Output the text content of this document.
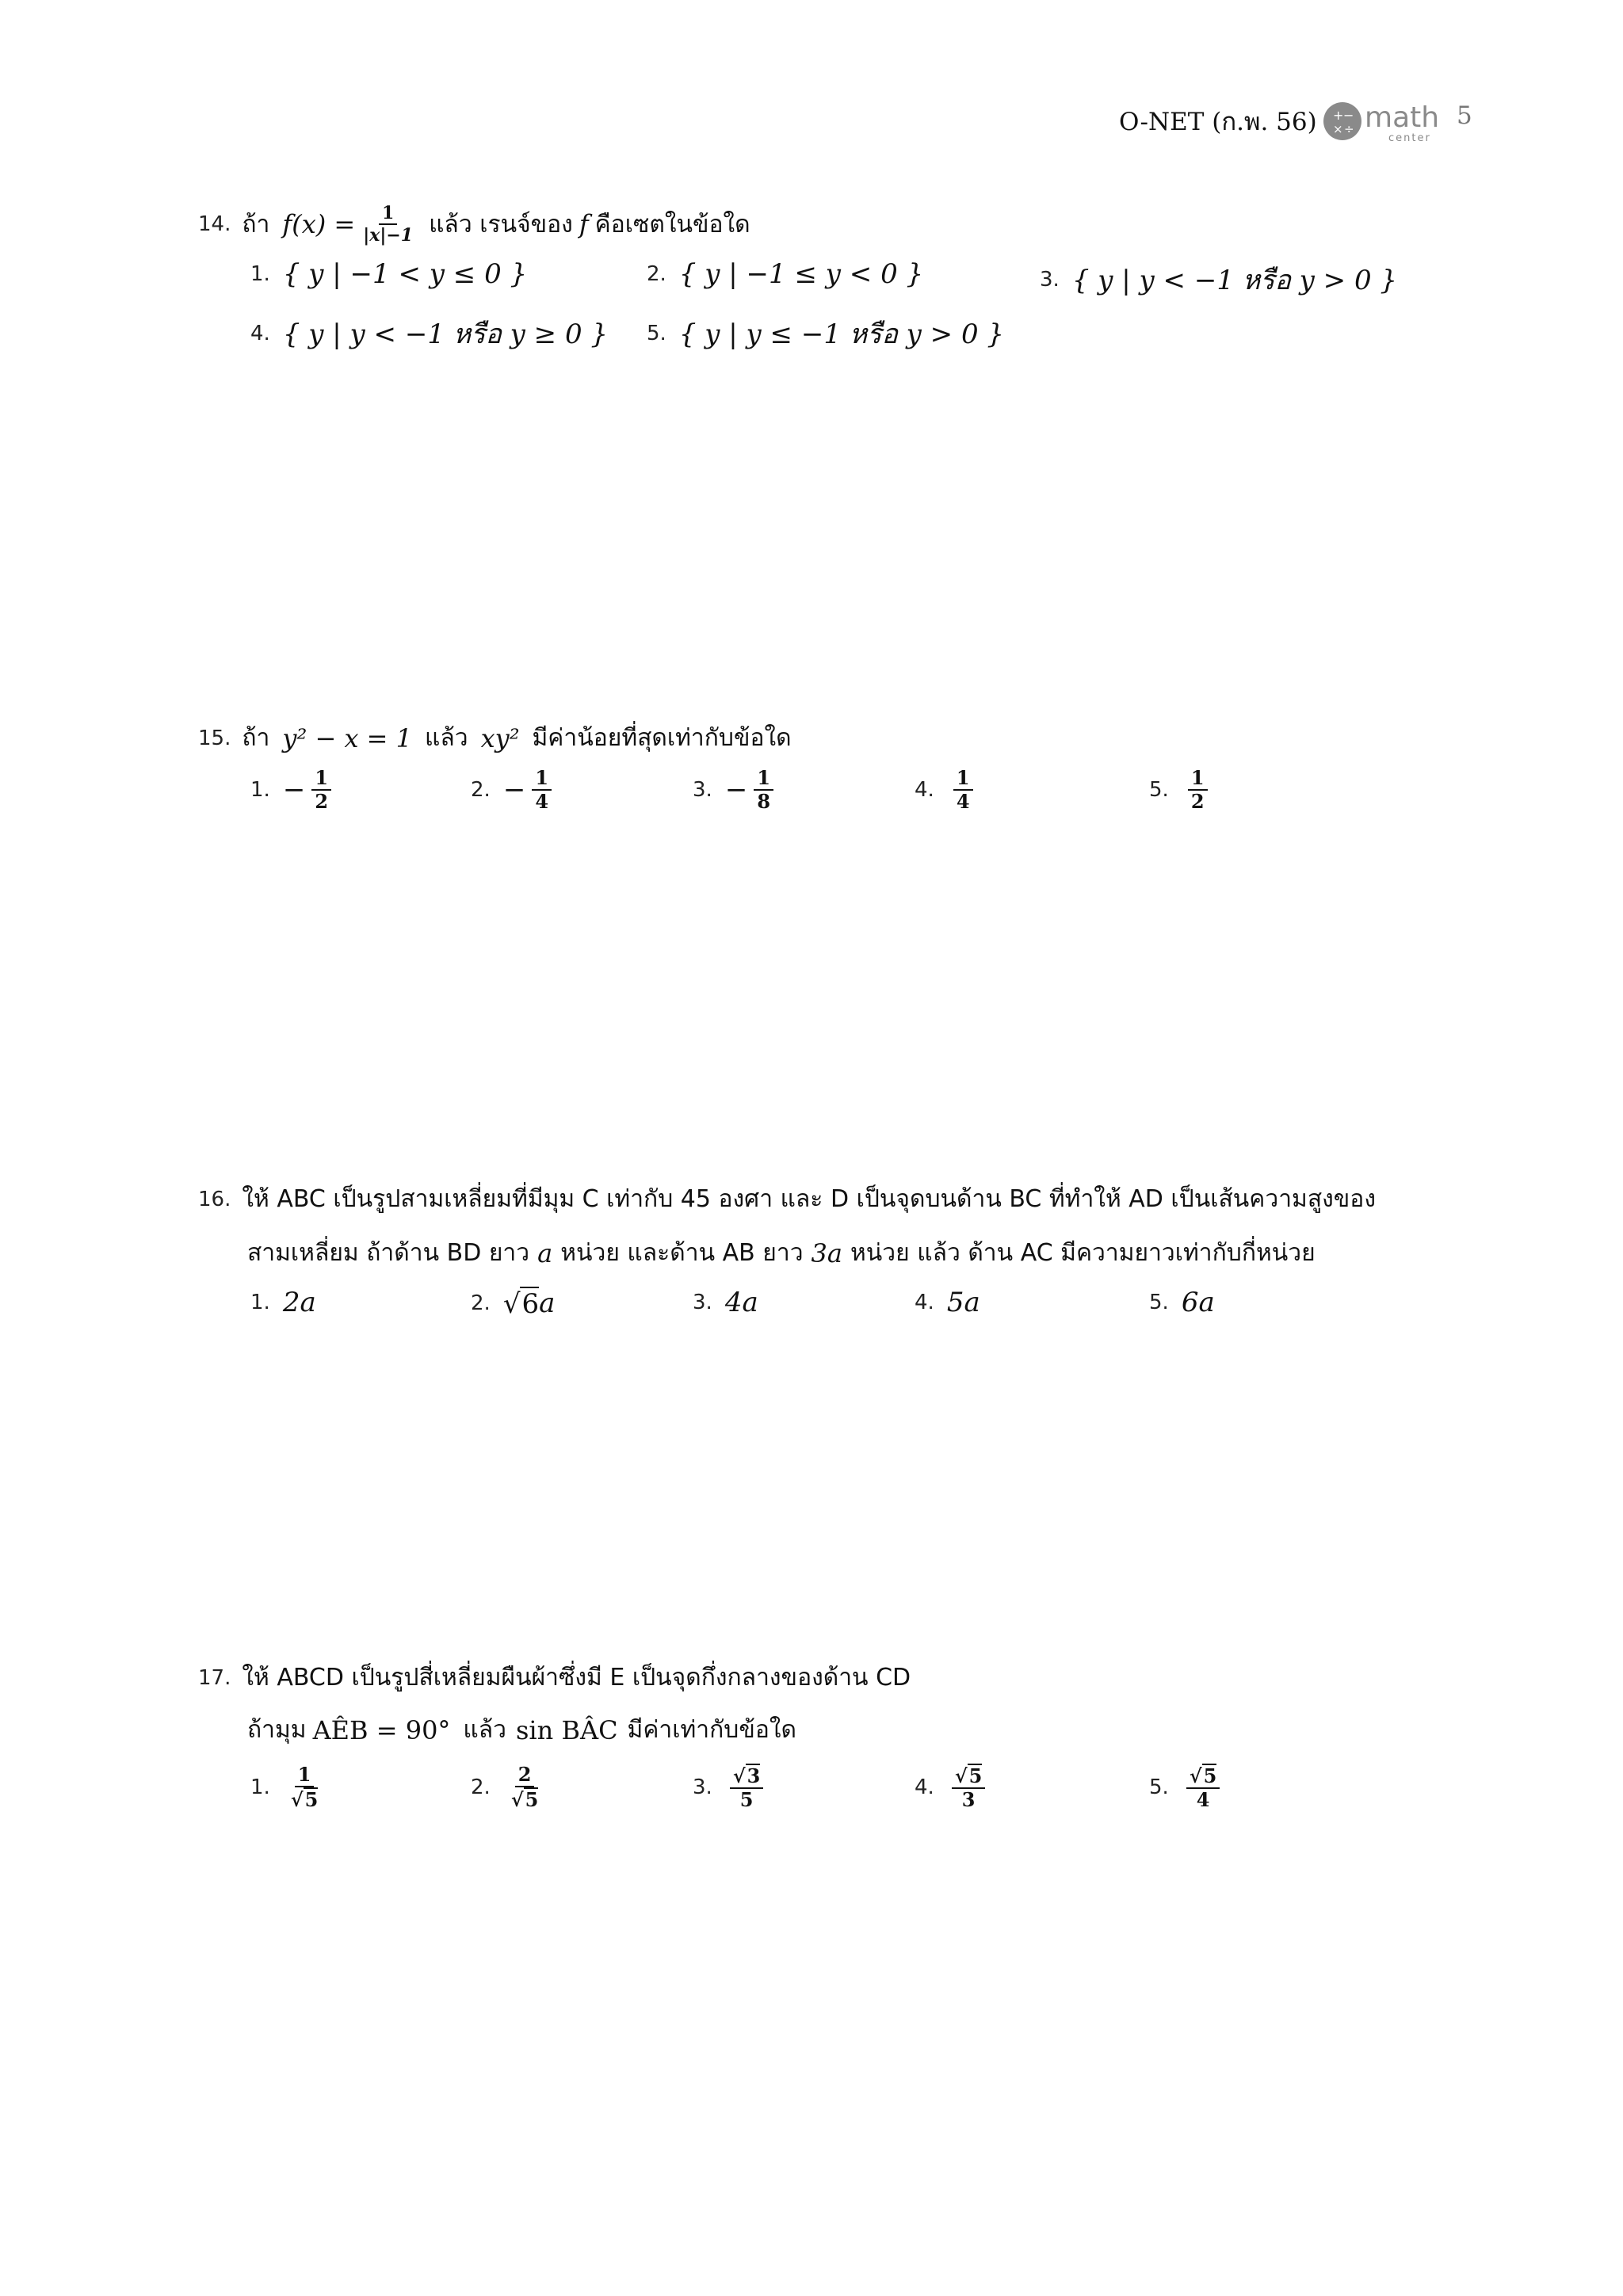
O-NET (ก.พ. 56) + −
× ÷ math
center
5
14. ถ้า $f(x) = \frac{1}{|x|-1}$ แล้ว เรนจ์ของ f คือเซตในข้อใด
1. { y | −1 < y ≤ 0 }	2. { y | −1 ≤ y < 0 }	3. { y | y < −1 หรือ y > 0 }
4. { y | y < −1 หรือ y ≥ 0 } 5. { y | y ≤ −1 หรือ y > 0 }
15. ถ้า y² − x = 1 แล้ว xy² มีค่าน้อยที่สุดเท่ากับข้อใด
1. − $\frac{1}{2}$	2. − $\frac{1}{4}$	3. − $\frac{1}{8}$	4. $\frac{1}{4}$	5. $\frac{1}{2}$
16. ให้ ABC เป็นรูปสามเหลี่ยมที่มีมุม C เท่ากับ 45 องศา และ D เป็นจุดบนด้าน BC ที่ทำให้ AD เป็นเส้นความสูงของ
สามเหลี่ยม ถ้าด้าน BD ยาว a หน่วย และด้าน AB ยาว 3a หน่วย แล้ว ด้าน AC มีความยาวเท่ากับกี่หน่วย
1. 2a	2. √ 6 a	3. 4a	4. 5a	5. 6a
17. ให้ ABCD เป็นรูปสี่เหลี่ยมผืนผ้าซึ่งมี E เป็นจุดกึ่งกลางของด้าน CD
ถ้ามุม AÊB = 90° แล้ว sin BÂC มีค่าเท่ากับข้อใด
1. $\frac{1}{√ 5}$	2. $\frac{2}{√ 5}$	3. $\frac{√ 3}{5}$	4. $\frac{√ 5}{3}$	5. $\frac{√ 5}{4}$
